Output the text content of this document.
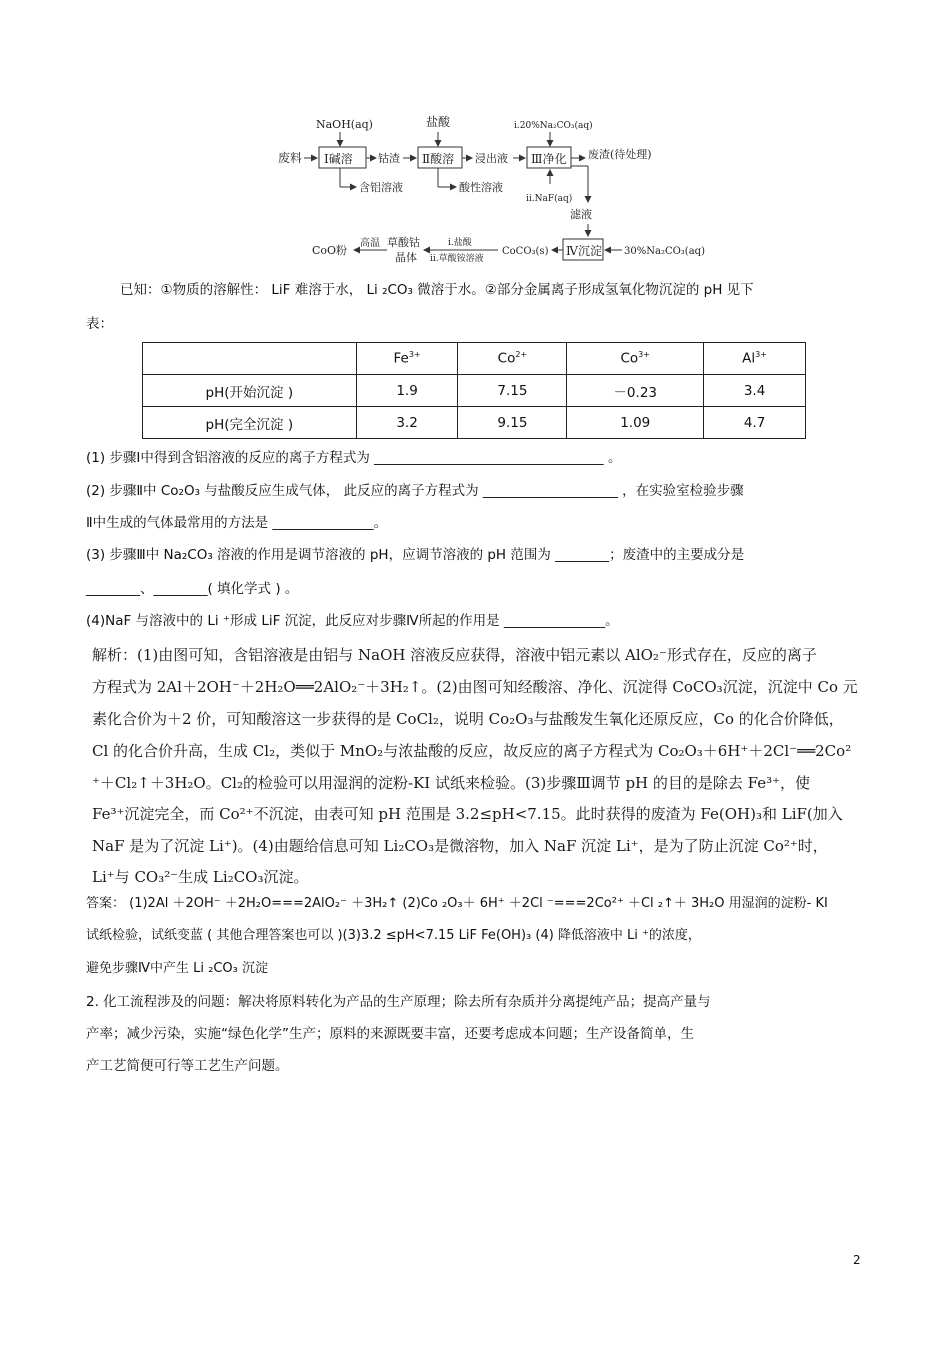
废料
NaOH(aq)
Ⅰ碱溶
含铝溶液
钴渣
盐酸
Ⅱ酸溶
酸性溶液
浸出液
i.20%Na₂CO₃(aq)
Ⅲ净化
ii.NaF(aq)
废渣(待处理)
滤液
Ⅳ沉淀 30%Na₂CO₃(aq)
CoCO₃(s)
i.盐酸
ii.草酸铵溶液
草酸钴
晶体
高温
CoO粉
已知：①物质的溶解性： LiF 难溶于水， Li ₂CO₃ 微溶于水。②部分金属离子形成氢氧化物沉淀的 pH 见下
表：
	$Fe^{3+}$	$Co^{2+}$	$Co^{3+}$	$Al^{3+}$
pH(开始沉淀 )	1.9	7.15	－0.23	3.4
pH(完全沉淀 )	3.2	9.15	1.09	4.7
(1) 步骤Ⅰ中得到含铝溶液的反应的离子方程式为 __________________________________ 。
(2) 步骤Ⅱ中 Co₂O₃ 与盐酸反应生成气体， 此反应的离子方程式为 ____________________ ，在实验室检验步骤
Ⅱ中生成的气体最常用的方法是 _______________。
(3) 步骤Ⅲ中 Na₂CO₃ 溶液的作用是调节溶液的 pH，应调节溶液的 pH 范围为 ________；废渣中的主要成分是
________、________( 填化学式 ) 。
(4)NaF 与溶液中的 Li ⁺形成 LiF 沉淀，此反应对步骤Ⅳ所起的作用是 _______________。
解析：(1)由图可知，含铝溶液是由铝与 NaOH 溶液反应获得，溶液中铝元素以 AlO₂⁻形式存在，反应的离子
方程式为 2Al＋2OH⁻＋2H₂O══2AlO₂⁻＋3H₂↑。(2)由图可知经酸溶、净化、沉淀得 CoCO₃沉淀，沉淀中 Co 元
素化合价为＋2 价，可知酸溶这一步获得的是 CoCl₂，说明 Co₂O₃与盐酸发生氧化还原反应，Co 的化合价降低，
Cl 的化合价升高，生成 Cl₂，类似于 MnO₂与浓盐酸的反应，故反应的离子方程式为 Co₂O₃＋6H⁺＋2Cl⁻══2Co²
⁺＋Cl₂↑＋3H₂O。Cl₂的检验可以用湿润的淀粉-KI 试纸来检验。(3)步骤Ⅲ调节 pH 的目的是除去 Fe³⁺，使
Fe³⁺沉淀完全，而 Co²⁺不沉淀，由表可知 pH 范围是 3.2≤pH<7.15。此时获得的废渣为 Fe(OH)₃和 LiF(加入
NaF 是为了沉淀 Li⁺)。(4)由题给信息可知 Li₂CO₃是微溶物，加入 NaF 沉淀 Li⁺，是为了防止沉淀 Co²⁺时，
Li⁺与 CO₃²⁻生成 Li₂CO₃沉淀。
答案： (1)2Al ＋2OH⁻ ＋2H₂O===2AlO₂⁻ ＋3H₂↑ (2)Co ₂O₃＋ 6H⁺ ＋2Cl ⁻===2Co²⁺ ＋Cl ₂↑＋ 3H₂O 用湿润的淀粉- KI
试纸检验，试纸变蓝 ( 其他合理答案也可以 )(3)3.2 ≤pH<7.15 LiF Fe(OH)₃ (4) 降低溶液中 Li ⁺的浓度，
避免步骤Ⅳ中产生 Li ₂CO₃ 沉淀
2. 化工流程涉及的问题：解决将原料转化为产品的生产原理；除去所有杂质并分离提纯产品；提高产量与
产率；减少污染，实施“绿色化学”生产；原料的来源既要丰富，还要考虑成本问题；生产设备简单，生
产工艺简便可行等工艺生产问题。
2
